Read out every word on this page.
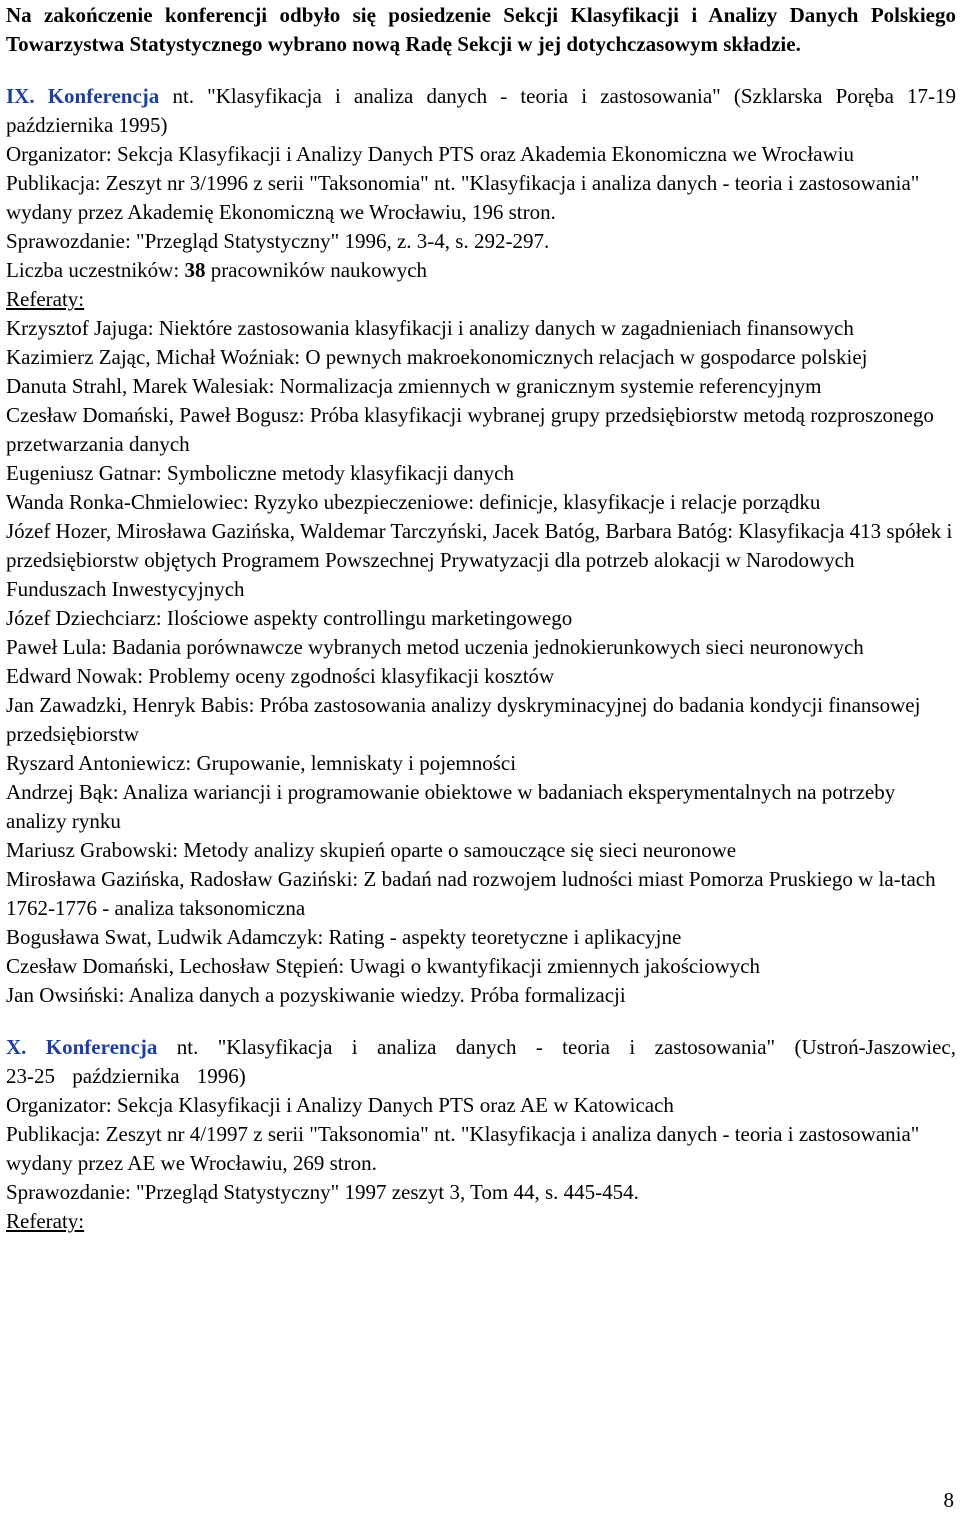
Na zakończenie konferencji odbyło się posiedzenie Sekcji Klasyfikacji i Analizy Danych Polskiego Towarzystwa Statystycznego wybrano nową Radę Sekcji w jej dotychczasowym składzie.

IX. Konferencja nt. "Klasyfikacja i analiza danych - teoria i zastosowania" (Szklarska Poręba 17-19 października 1995)

Organizator: Sekcja Klasyfikacji i Analizy Danych PTS oraz Akademia Ekonomiczna we Wrocławiu

Publikacja: Zeszyt nr 3/1996 z serii "Taksonomia" nt. "Klasyfikacja i analiza danych - teoria i zastosowania" wydany przez Akademię Ekonomiczną we Wrocławiu, 196 stron.

Sprawozdanie: "Przegląd Statystyczny" 1996, z. 3-4, s. 292-297.

Liczba uczestników: 38 pracowników naukowych

Referaty:

Krzysztof Jajuga: Niektóre zastosowania klasyfikacji i analizy danych w zagadnieniach finansowych

Kazimierz Zając, Michał Woźniak: O pewnych makroekonomicznych relacjach w gospodarce polskiej

Danuta Strahl, Marek Walesiak: Normalizacja zmiennych w granicznym systemie referencyjnym

Czesław Domański, Paweł Bogusz: Próba klasyfikacji wybranej grupy przedsiębiorstw metodą rozproszonego przetwarzania danych

Eugeniusz Gatnar: Symboliczne metody klasyfikacji danych

Wanda Ronka-Chmielowiec: Ryzyko ubezpieczeniowe: definicje, klasyfikacje i relacje porządku

Józef Hozer, Mirosława Gazińska, Waldemar Tarczyński, Jacek Batóg, Barbara Batóg: Klasyfikacja 413 spółek i przedsiębiorstw objętych Programem Powszechnej Prywatyzacji dla potrzeb alokacji w Narodowych Funduszach Inwestycyjnych

Józef Dziechciarz: Ilościowe aspekty controllingu marketingowego

Paweł Lula: Badania porównawcze wybranych metod uczenia jednokierunkowych sieci neuronowych

Edward Nowak: Problemy oceny zgodności klasyfikacji kosztów

Jan Zawadzki, Henryk Babis: Próba zastosowania analizy dyskryminacyjnej do badania kondycji finansowej przedsiębiorstw

Ryszard Antoniewicz: Grupowanie, lemniskaty i pojemności

Andrzej Bąk: Analiza wariancji i programowanie obiektowe w badaniach eksperymentalnych na potrzeby analizy rynku

Mariusz Grabowski: Metody analizy skupień oparte o samouczące się sieci neuronowe

Mirosława Gazińska, Radosław Gaziński: Z badań nad rozwojem ludności miast Pomorza Pruskiego w la-tach 1762-1776 - analiza taksonomiczna

Bogusława Swat, Ludwik Adamczyk: Rating - aspekty teoretyczne i aplikacyjne

Czesław Domański, Lechosław Stępień: Uwagi o kwantyfikacji zmiennych jakościowych

Jan Owsiński: Analiza danych a pozyskiwanie wiedzy. Próba formalizacji

X. Konferencja nt. "Klasyfikacja i analiza danych - teoria i zastosowania" (Ustroń-Jaszowiec, 23-25 października 1996)

Organizator: Sekcja Klasyfikacji i Analizy Danych PTS oraz AE w Katowicach

Publikacja: Zeszyt nr 4/1997 z serii "Taksonomia" nt. "Klasyfikacja i analiza danych - teoria i zastosowania" wydany przez AE we Wrocławiu, 269 stron.

Sprawozdanie: "Przegląd Statystyczny" 1997 zeszyt 3, Tom 44, s. 445-454.

Referaty:

8
